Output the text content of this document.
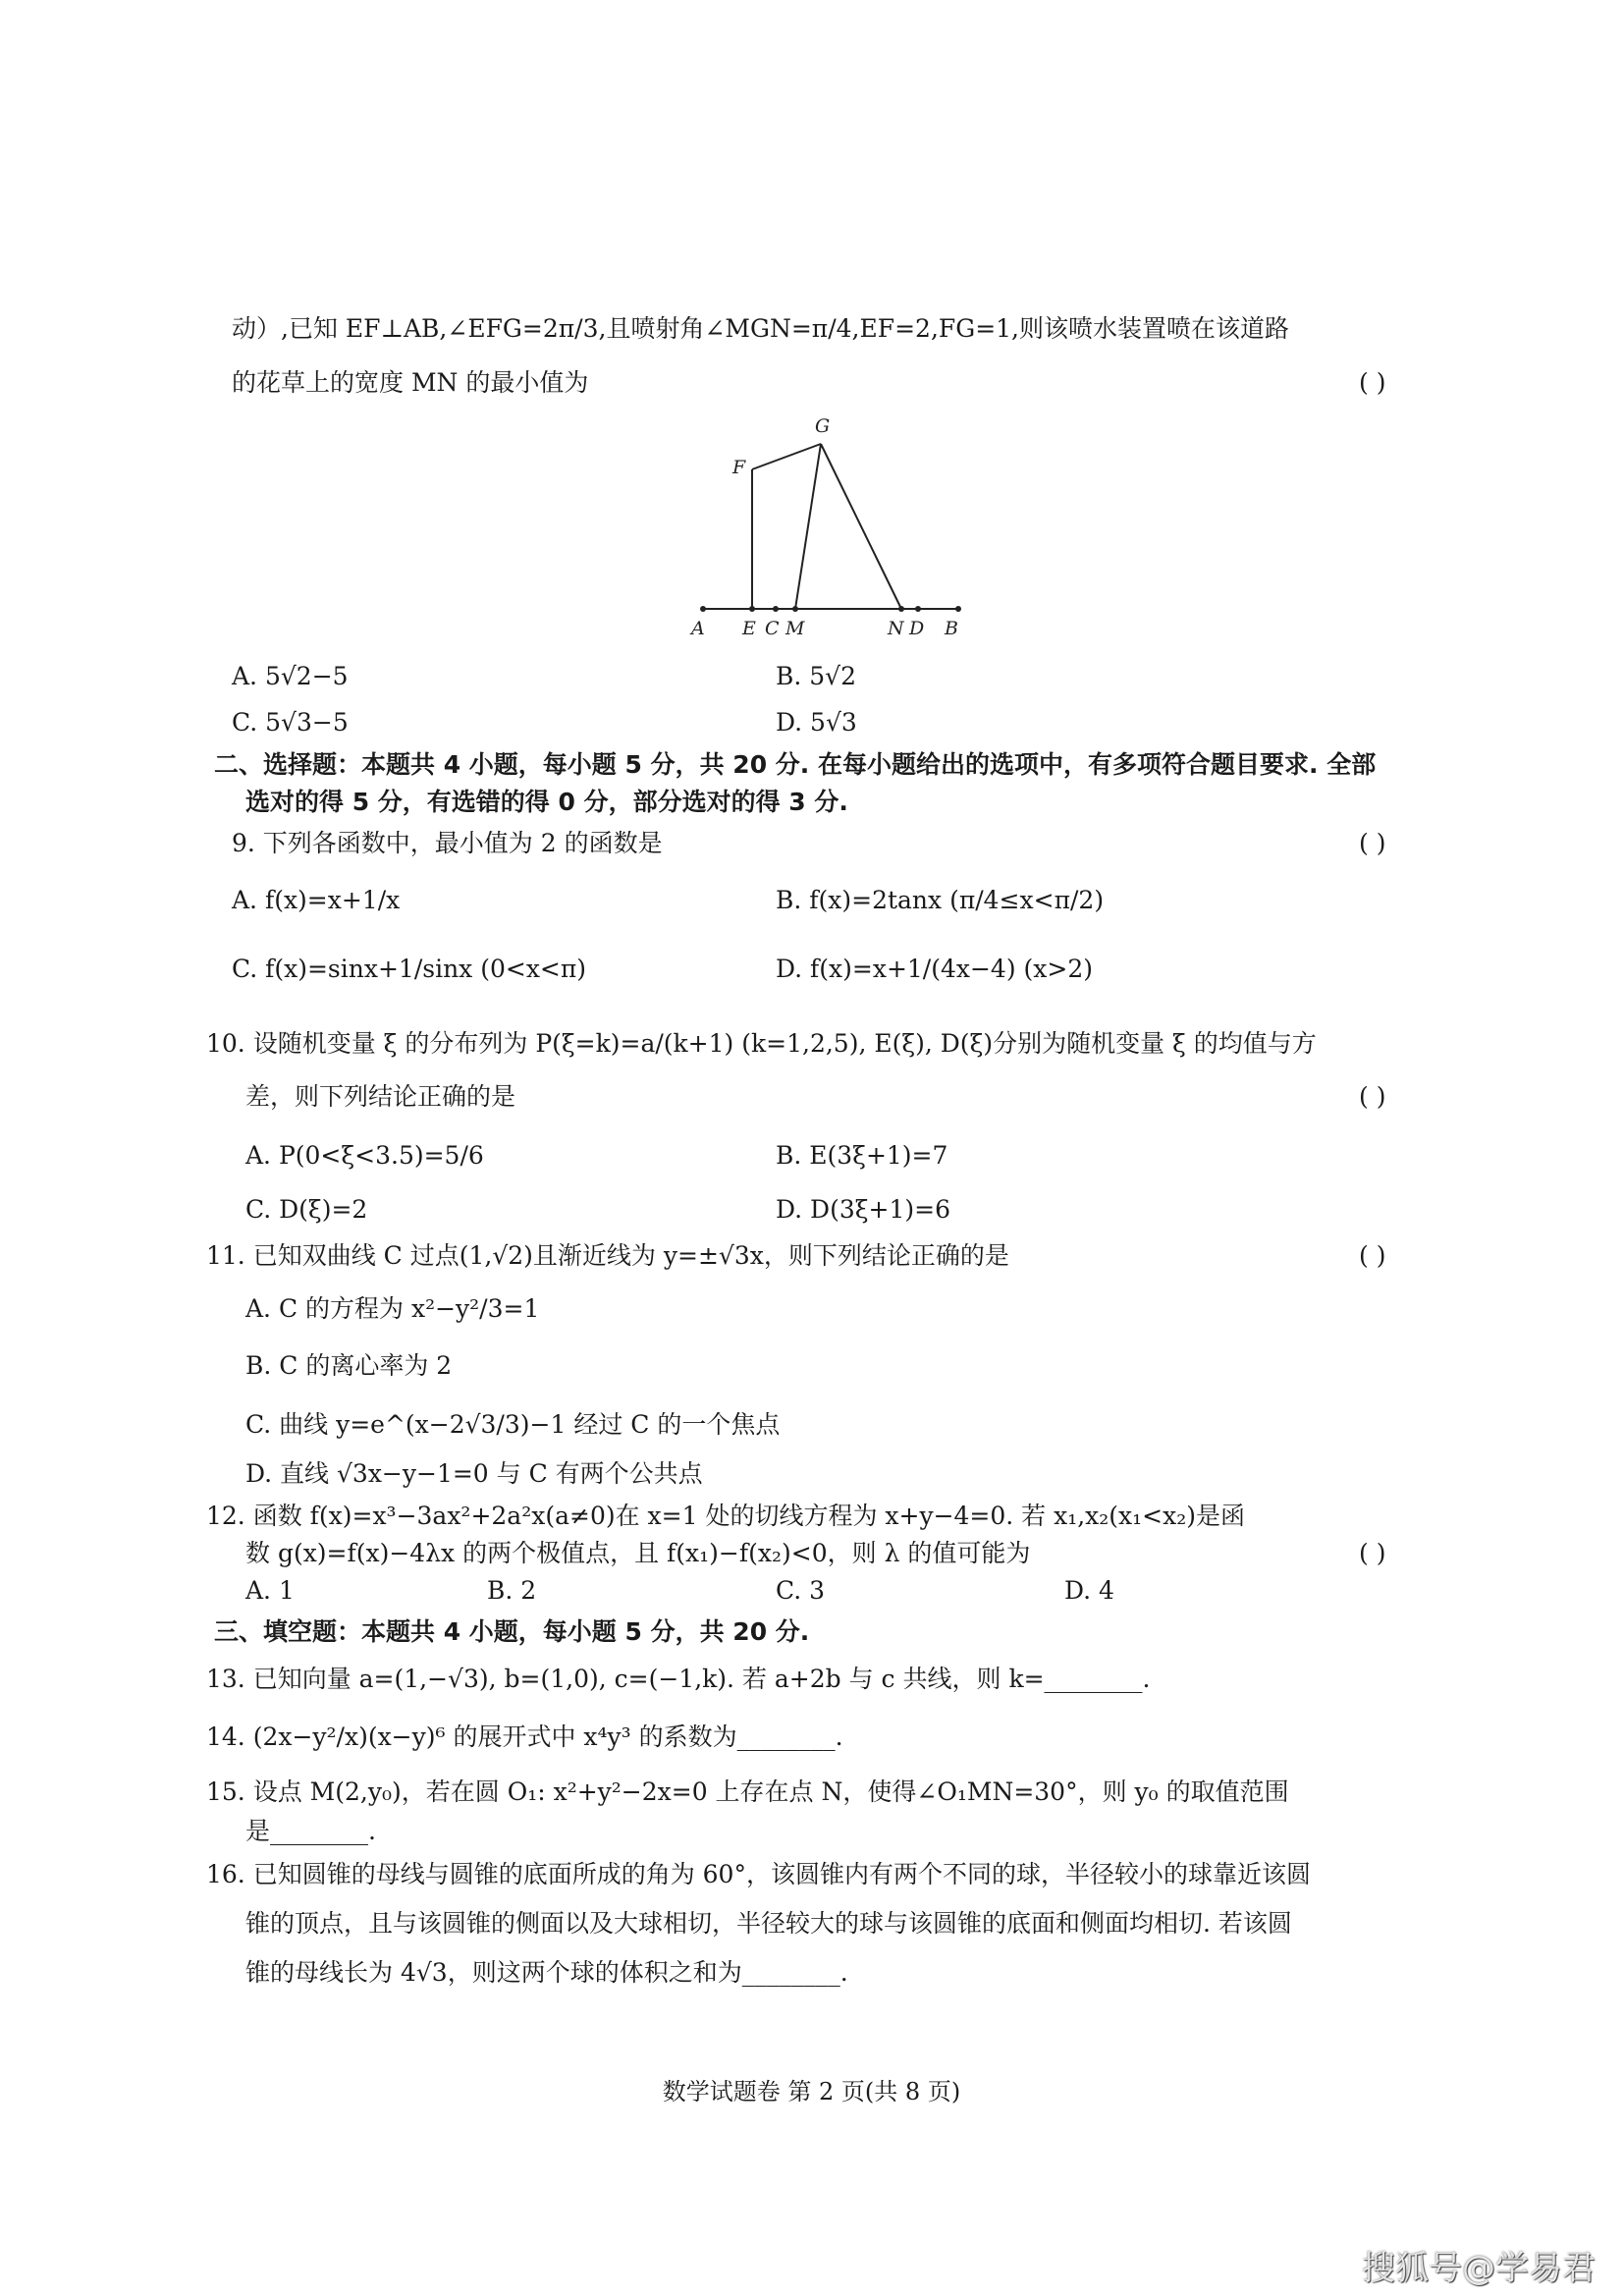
动）,已知 EF⊥AB,∠EFG=2π/3,且喷射角∠MGN=π/4,EF=2,FG=1,则该喷水装置喷在该道路
的花草上的宽度 MN 的最小值为	( )
A E C M	N D B
F
G
A. 5√2−5	B. 5√2
C. 5√3−5	D. 5√3
二、选择题：本题共 4 小题，每小题 5 分，共 20 分. 在每小题给出的选项中，有多项符合题目要求. 全部
选对的得 5 分，有选错的得 0 分，部分选对的得 3 分.
9. 下列各函数中，最小值为 2 的函数是	( )
A. f(x)=x+1/x	B. f(x)=2tanx (π/4≤x<π/2)
C. f(x)=sinx+1/sinx (0<x<π)	D. f(x)=x+1/(4x−4) (x>2)
10. 设随机变量 ξ 的分布列为 P(ξ=k)=a/(k+1) (k=1,2,5), E(ξ), D(ξ)分别为随机变量 ξ 的均值与方
差，则下列结论正确的是	( )
A. P(0<ξ<3.5)=5/6	B. E(3ξ+1)=7
C. D(ξ)=2	D. D(3ξ+1)=6
11. 已知双曲线 C 过点(1,√2)且渐近线为 y=±√3x，则下列结论正确的是	( )
A. C 的方程为 x²−y²/3=1
B. C 的离心率为 2
C. 曲线 y=e^(x−2√3/3)−1 经过 C 的一个焦点
D. 直线 √3x−y−1=0 与 C 有两个公共点
12. 函数 f(x)=x³−3ax²+2a²x(a≠0)在 x=1 处的切线方程为 x+y−4=0. 若 x₁,x₂(x₁<x₂)是函
数 g(x)=f(x)−4λx 的两个极值点，且 f(x₁)−f(x₂)<0，则 λ 的值可能为	( )
A. 1	B. 2	C. 3	D. 4
三、填空题：本题共 4 小题，每小题 5 分，共 20 分.
13. 已知向量 a=(1,−√3), b=(1,0), c=(−1,k). 若 a+2b 与 c 共线，则 k=________.
14. (2x−y²/x)(x−y)⁶ 的展开式中 x⁴y³ 的系数为________.
15. 设点 M(2,y₀)，若在圆 O₁: x²+y²−2x=0 上存在点 N，使得∠O₁MN=30°，则 y₀ 的取值范围
是________.
16. 已知圆锥的母线与圆锥的底面所成的角为 60°，该圆锥内有两个不同的球，半径较小的球靠近该圆
锥的顶点，且与该圆锥的侧面以及大球相切，半径较大的球与该圆锥的底面和侧面均相切. 若该圆
锥的母线长为 4√3，则这两个球的体积之和为________.
数学试题卷 第 2 页(共 8 页)
搜狐号@学易君
